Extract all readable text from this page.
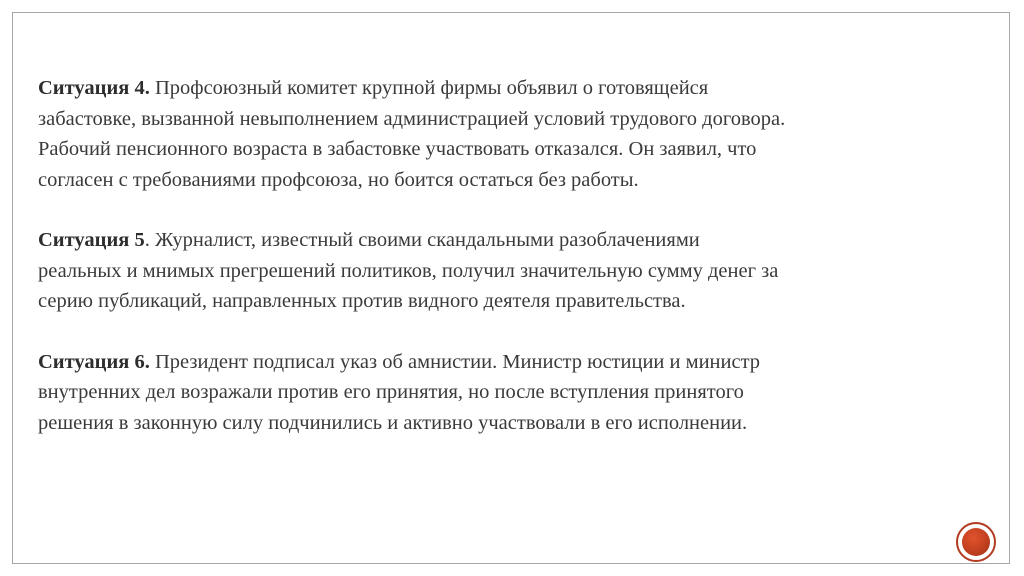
Ситуация 4. Профсоюзный комитет крупной фирмы объявил о готовящейся
забастовке, вызванной невыполнением администрацией условий трудового договора.
Рабочий пенсионного возраста в забастовке участвовать отказался. Он заявил, что
согласен с требованиями профсоюза, но боится остаться без работы.
Ситуация 5. Журналист, известный своими скандальными разоблачениями
реальных и мнимых прегрешений политиков, получил значительную сумму денег за
серию публикаций, направленных против видного деятеля правительства.
Ситуация 6. Президент подписал указ об амнистии. Министр юстиции и министр
внутренних дел возражали против его принятия, но после вступления принятого
решения в законную силу подчинились и активно участвовали в его исполнении.
